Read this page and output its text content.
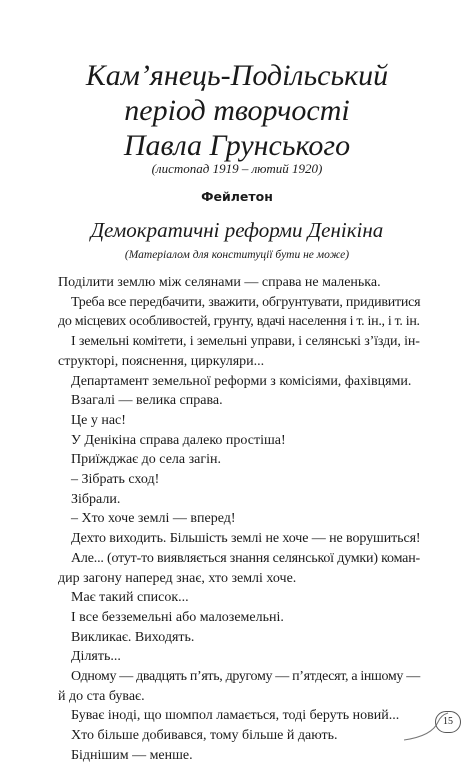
Кам’янець-Подільський
період творчості
Павла Грунського
(листопад 1919 – лютий 1920)
Фейлетон
Демократичні реформи Денікіна
(Матеріалом для конституції бути не може)
Поділити землю між селянами — справа не маленька.
Треба все передбачити, зважити, обгрунтувати, придивитися
до місцевих особливостей, грунту, вдачі населення і т. ін., і т. ін.
І земельні комітети, і земельні управи, і селянські з’їзди, ін-
структорі, пояснення, циркуляри...
Департамент земельної реформи з комісіями, фахівцями.
Взагалі — велика справа.
Це у нас!
У Денікіна справа далеко простіша!
Приїжджає до села загін.
– Зібрать сход!
Зібрали.
– Хто хоче землі — вперед!
Дехто виходить. Більшість землі не хоче — не ворушиться!
Але... (отут-то виявляється знання селянської думки) коман-
дир загону наперед знає, хто землі хоче.
Має такий список...
І все безземельні або малоземельні.
Викликає. Виходять.
Ділять...
Одному — двадцять п’ять, другому — п’ятдесят, а іншому —
й до ста буває.
Буває іноді, що шомпол ламається, тоді беруть новий...
Хто більше добивався, тому більше й дають.
Біднішим — менше.
15
